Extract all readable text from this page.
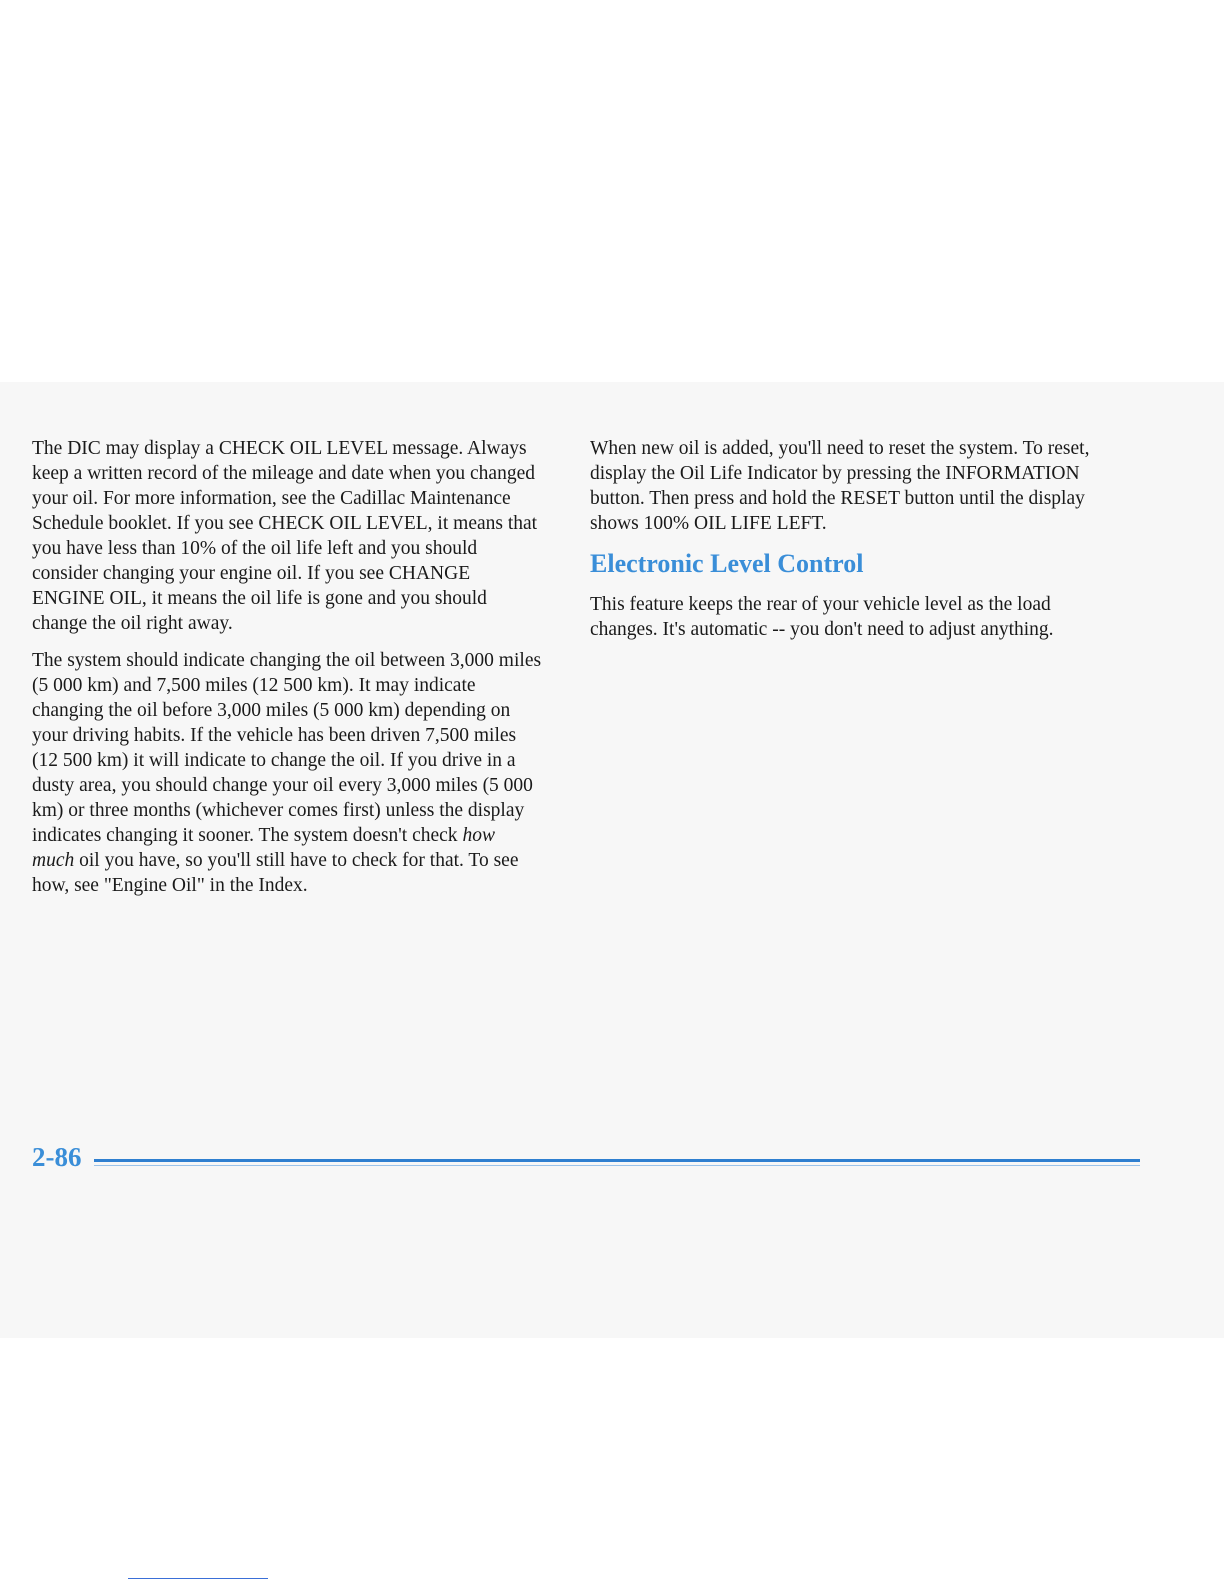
The DIC may display a CHECK OIL LEVEL message. Always keep a written record of the mileage and date when you changed your oil. For more information, see the Cadillac Maintenance Schedule booklet. If you see CHECK OIL LEVEL, it means that you have less than 10% of the oil life left and you should consider changing your engine oil. If you see CHANGE ENGINE OIL, it means the oil life is gone and you should change the oil right away.

The system should indicate changing the oil between 3,000 miles (5 000 km) and 7,500 miles (12 500 km). It may indicate changing the oil before 3,000 miles (5 000 km) depending on your driving habits. If the vehicle has been driven 7,500 miles (12 500 km) it will indicate to change the oil. If you drive in a dusty area, you should change your oil every 3,000 miles (5 000 km) or three months (whichever comes first) unless the display indicates changing it sooner. The system doesn't check how much oil you have, so you'll still have to check for that. To see how, see "Engine Oil" in the Index.

When new oil is added, you'll need to reset the system. To reset, display the Oil Life Indicator by pressing the INFORMATION button. Then press and hold the RESET button until the display shows 100% OIL LIFE LEFT.

Electronic Level Control

This feature keeps the rear of your vehicle level as the load changes. It's automatic -- you don't need to adjust anything.

2-86
